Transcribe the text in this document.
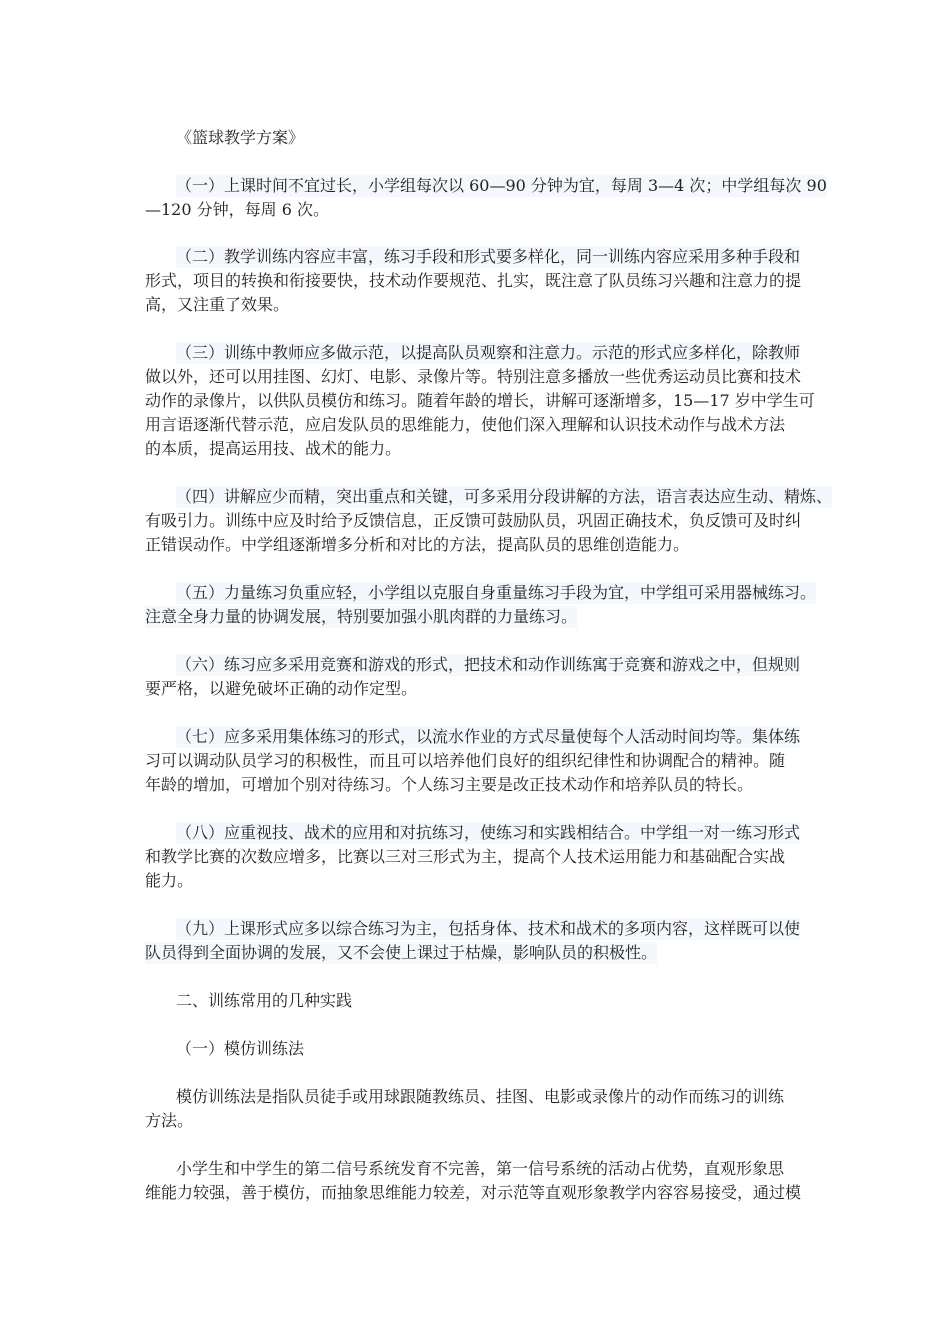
《篮球教学方案》
（一）上课时间不宜过长，小学组每次以 60—90 分钟为宜，每周 3—4 次；中学组每次 90
—120 分钟，每周 6 次。
（二）教学训练内容应丰富，练习手段和形式要多样化，同一训练内容应采用多种手段和
形式，项目的转换和衔接要快，技术动作要规范、扎实，既注意了队员练习兴趣和注意力的提
高，又注重了效果。
（三）训练中教师应多做示范，以提高队员观察和注意力。示范的形式应多样化，除教师
做以外，还可以用挂图、幻灯、电影、录像片等。特别注意多播放一些优秀运动员比赛和技术
动作的录像片，以供队员模仿和练习。随着年龄的增长，讲解可逐渐增多，15—17 岁中学生可
用言语逐渐代替示范，应启发队员的思维能力，使他们深入理解和认识技术动作与战术方法
的本质，提高运用技、战术的能力。
（四）讲解应少而精，突出重点和关键，可多采用分段讲解的方法，语言表达应生动、精炼、
有吸引力。训练中应及时给予反馈信息，正反馈可鼓励队员，巩固正确技术，负反馈可及时纠
正错误动作。中学组逐渐增多分析和对比的方法，提高队员的思维创造能力。
（五）力量练习负重应轻，小学组以克服自身重量练习手段为宜，中学组可采用器械练习。
注意全身力量的协调发展，特别要加强小肌肉群的力量练习。
（六）练习应多采用竞赛和游戏的形式，把技术和动作训练寓于竞赛和游戏之中，但规则
要严格，以避免破坏正确的动作定型。
（七）应多采用集体练习的形式，以流水作业的方式尽量使每个人活动时间均等。集体练
习可以调动队员学习的积极性，而且可以培养他们良好的组织纪律性和协调配合的精神。随
年龄的增加，可增加个别对待练习。个人练习主要是改正技术动作和培养队员的特长。
（八）应重视技、战术的应用和对抗练习，使练习和实践相结合。中学组一对一练习形式
和教学比赛的次数应增多，比赛以三对三形式为主，提高个人技术运用能力和基础配合实战
能力。
（九）上课形式应多以综合练习为主，包括身体、技术和战术的多项内容，这样既可以使
队员得到全面协调的发展，又不会使上课过于枯燥，影响队员的积极性。
二、训练常用的几种实践
（一）模仿训练法
模仿训练法是指队员徒手或用球跟随教练员、挂图、电影或录像片的动作而练习的训练
方法。
小学生和中学生的第二信号系统发育不完善，第一信号系统的活动占优势，直观形象思
维能力较强，善于模仿，而抽象思维能力较差，对示范等直观形象教学内容容易接受，通过模
